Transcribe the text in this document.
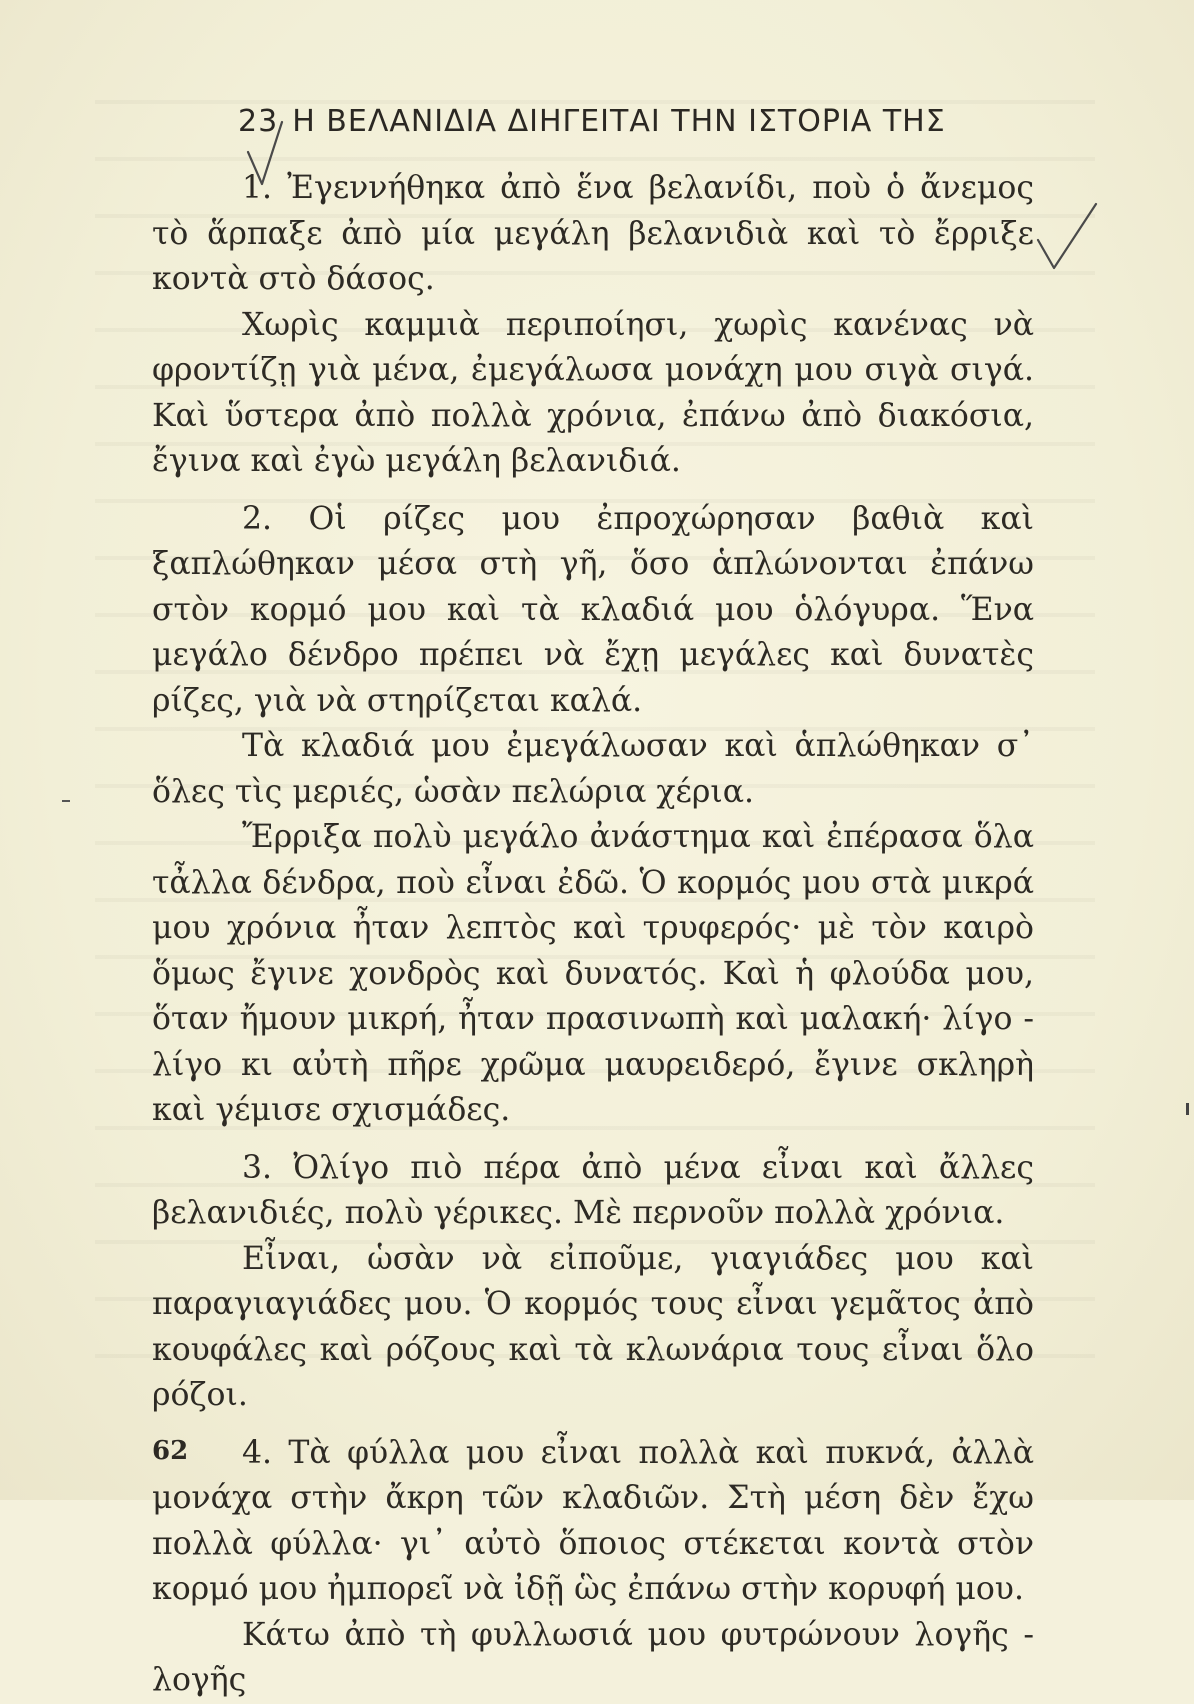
23 Η ΒΕΛΑΝΙΔΙΑ ΔΙΗΓΕΙΤΑΙ ΤΗΝ ΙΣΤΟΡΙΑ ΤΗΣ

1. Ἐγεννήθηκα ἀπὸ ἕνα βελανίδι, ποὺ ὁ ἄνεμος τὸ ἅρπαξε ἀπὸ μία μεγάλη βελανιδιὰ καὶ τὸ ἔρριξε κοντὰ στὸ δάσος.

Χωρὶς καμμιὰ περιποίησι, χωρὶς κανένας νὰ φροντίζῃ γιὰ μένα, ἐμεγάλωσα μονάχη μου σιγὰ σιγά. Καὶ ὕστερα ἀπὸ πολλὰ χρόνια, ἐπάνω ἀπὸ διακόσια, ἔγινα καὶ ἐγὼ μεγάλη βελανιδιά.

2. Οἱ ρίζες μου ἐπροχώρησαν βαθιὰ καὶ ξαπλώθηκαν μέσα στὴ γῆ, ὅσο ἁπλώνονται ἐπάνω στὸν κορμό μου καὶ τὰ κλαδιά μου ὁλόγυρα. Ἕνα μεγάλο δένδρο πρέπει νὰ ἔχῃ μεγάλες καὶ δυνατὲς ρίζες, γιὰ νὰ στηρίζεται καλά.

Τὰ κλαδιά μου ἐμεγάλωσαν καὶ ἁπλώθηκαν σ᾿ ὅλες τὶς μεριές, ὡσὰν πελώρια χέρια.

Ἔρριξα πολὺ μεγάλο ἀνάστημα καὶ ἐπέρασα ὅλα τἆλλα δένδρα, ποὺ εἶναι ἐδῶ. Ὁ κορμός μου στὰ μικρά μου χρόνια ἦταν λεπτὸς καὶ τρυφερός· μὲ τὸν καιρὸ ὅμως ἔγινε χονδρὸς καὶ δυνατός. Καὶ ἡ φλούδα μου, ὅταν ἤμουν μικρή, ἦταν πρασινωπὴ καὶ μαλακή· λίγο - λίγο κι αὐτὴ πῆρε χρῶμα μαυρειδερό, ἔγινε σκληρὴ καὶ γέμισε σχισμάδες.

3. Ὀλίγο πιὸ πέρα ἀπὸ μένα εἶναι καὶ ἄλλες βελανιδιές, πολὺ γέρικες. Μὲ περνοῦν πολλὰ χρόνια.

Εἶναι, ὡσὰν νὰ εἰποῦμε, γιαγιάδες μου καὶ παραγιαγιάδες μου. Ὁ κορμός τους εἶναι γεμᾶτος ἀπὸ κουφάλες καὶ ρόζους καὶ τὰ κλωνάρια τους εἶναι ὅλο ρόζοι.

4. Τὰ φύλλα μου εἶναι πολλὰ καὶ πυκνά, ἀλλὰ μονάχα στὴν ἄκρη τῶν κλαδιῶν. Στὴ μέση δὲν ἔχω πολλὰ φύλλα· γι᾿ αὐτὸ ὅποιος στέκεται κοντὰ στὸν κορμό μου ἠμπορεῖ νὰ ἰδῇ ὣς ἐπάνω στὴν κορυφή μου.

Κάτω ἀπὸ τὴ φυλλωσιά μου φυτρώνουν λογῆς - λογῆς

62
